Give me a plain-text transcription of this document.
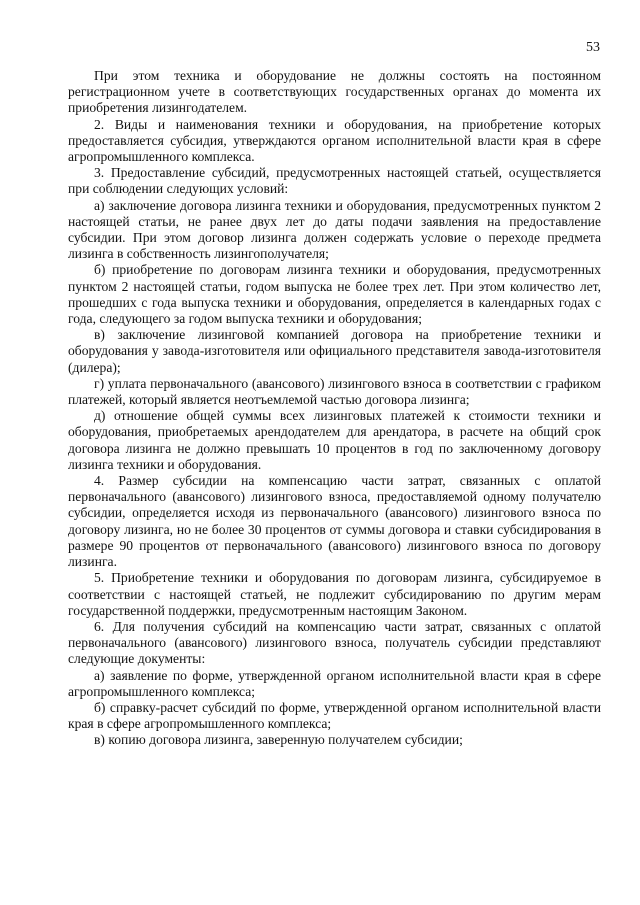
53

При этом техника и оборудование не должны состоять на постоянном регистрационном учете в соответствующих государственных органах до момента их приобретения лизингодателем.

2. Виды и наименования техники и оборудования, на приобретение которых предоставляется субсидия, утверждаются органом исполнительной власти края в сфере агропромышленного комплекса.

3. Предоставление субсидий, предусмотренных настоящей статьей, осуществляется при соблюдении следующих условий:

а) заключение договора лизинга техники и оборудования, предусмотренных пунктом 2 настоящей статьи, не ранее двух лет до даты подачи заявления на предоставление субсидии. При этом договор лизинга должен содержать условие о переходе предмета лизинга в собственность лизингополучателя;

б) приобретение по договорам лизинга техники и оборудования, предусмотренных пунктом 2 настоящей статьи, годом выпуска не более трех лет. При этом количество лет, прошедших с года выпуска техники и оборудования, определяется в календарных годах с года, следующего за годом выпуска техники и оборудования;

в) заключение лизинговой компанией договора на приобретение техники и оборудования у завода-изготовителя или официального представителя завода-изготовителя (дилера);

г) уплата первоначального (авансового) лизингового взноса в соответствии с графиком платежей, который является неотъемлемой частью договора лизинга;

д) отношение общей суммы всех лизинговых платежей к стоимости техники и оборудования, приобретаемых арендодателем для арендатора, в расчете на общий срок договора лизинга не должно превышать 10 процентов в год по заключенному договору лизинга техники и оборудования.

4. Размер субсидии на компенсацию части затрат, связанных с оплатой первоначального (авансового) лизингового взноса, предоставляемой одному получателю субсидии, определяется исходя из первоначального (авансового) лизингового взноса по договору лизинга, но не более 30 процентов от суммы договора и ставки субсидирования в размере 90 процентов от первоначального (авансового) лизингового взноса по договору лизинга.

5. Приобретение техники и оборудования по договорам лизинга, субсидируемое в соответствии с настоящей статьей, не подлежит субсидированию по другим мерам государственной поддержки, предусмотренным настоящим Законом.

6. Для получения субсидий на компенсацию части затрат, связанных с оплатой первоначального (авансового) лизингового взноса, получатель субсидии представляют следующие документы:

а) заявление по форме, утвержденной органом исполнительной власти края в сфере агропромышленного комплекса;

б) справку-расчет субсидий по форме, утвержденной органом исполнительной власти края в сфере агропромышленного комплекса;

в) копию договора лизинга, заверенную получателем субсидии;
